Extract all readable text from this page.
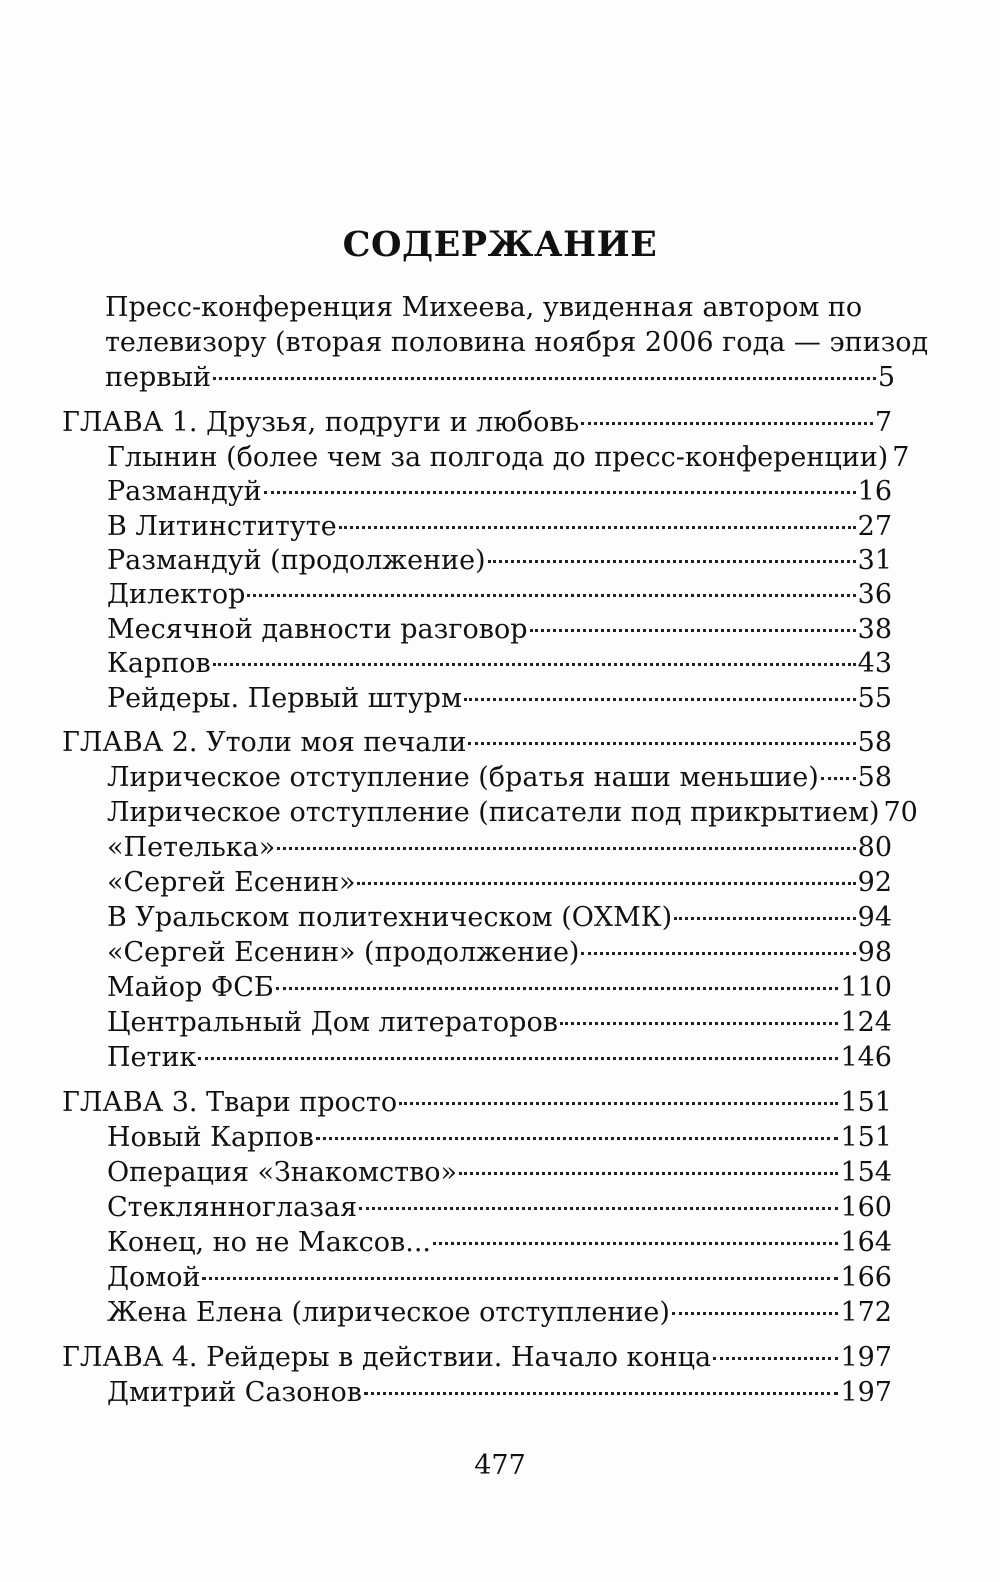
СОДЕРЖАНИЕ
Пресс-конференция Михеева, увиденная автором по
телевизору (вторая половина ноября 2006 года — эпизод
первый	5
ГЛАВА 1. Друзья, подруги и любовь	7
Глынин (более чем за полгода до пресс-конференции) 7
Размандуй	16
В Литинституте	27
Размандуй (продолжение)	31
Дилектор	36
Месячной давности разговор	38
Карпов	43
Рейдеры. Первый штурм	55
ГЛАВА 2. Утоли моя печали	58
Лирическое отступление (братья наши меньшие) 58
Лирическое отступление (писатели под прикрытием) 70
«Петелька»	80
«Сергей Есенин»	92
В Уральском политехническом (ОХМК)	94
«Сергей Есенин» (продолжение)	98
Майор ФСБ	110
Центральный Дом литераторов	124
Петик	146
ГЛАВА 3. Твари просто	151
Новый Карпов	151
Операция «Знакомство»	154
Стеклянноглазая	160
Конец, но не Максов...	164
Домой	166
Жена Елена (лирическое отступление)	172
ГЛАВА 4. Рейдеры в действии. Начало конца	197
Дмитрий Сазонов	197
477
